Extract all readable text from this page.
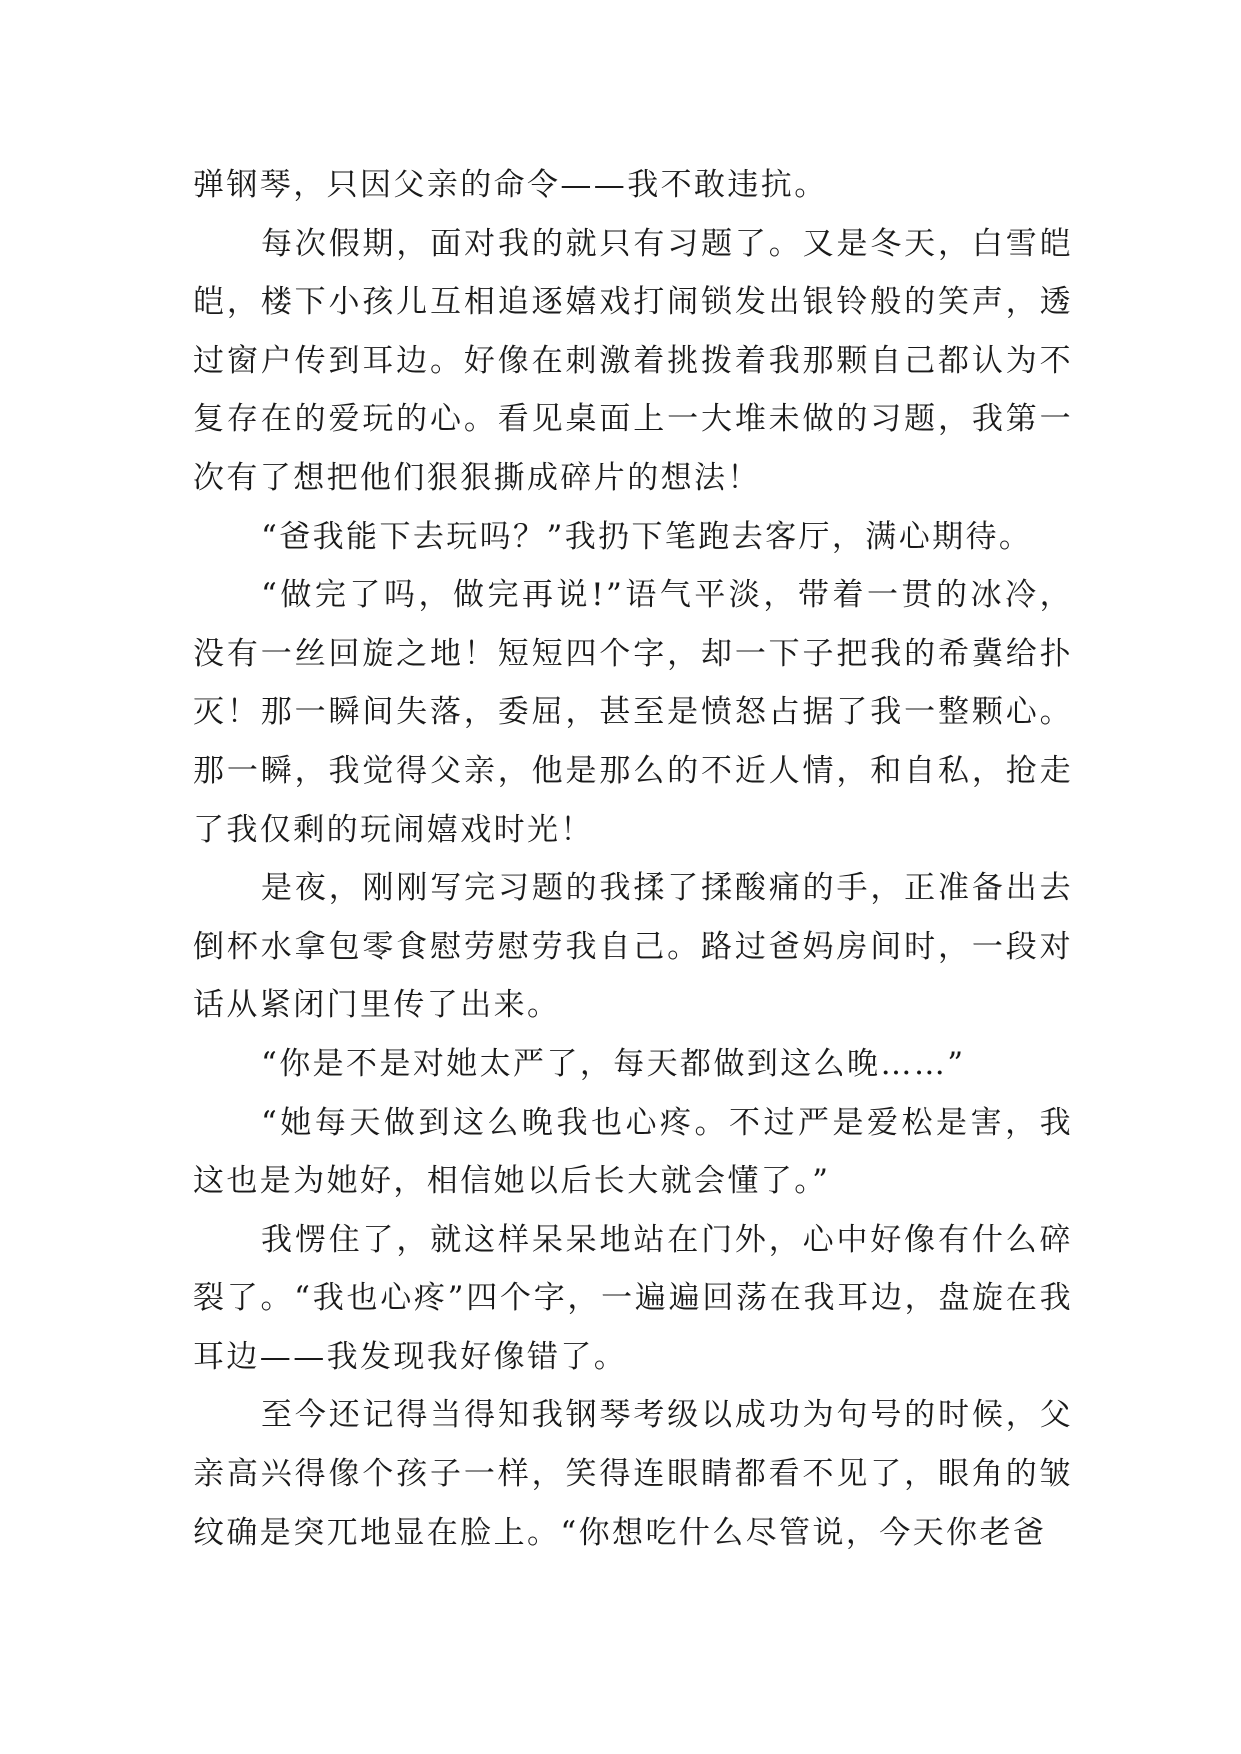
弹钢琴，只因父亲的命令——我不敢违抗。

每次假期，面对我的就只有习题了。又是冬天，白雪皑皑，楼下小孩儿互相追逐嬉戏打闹锁发出银铃般的笑声，透过窗户传到耳边。好像在刺激着挑拨着我那颗自己都认为不复存在的爱玩的心。看见桌面上一大堆未做的习题，我第一次有了想把他们狠狠撕成碎片的想法！

“爸我能下去玩吗？”我扔下笔跑去客厅，满心期待。

“做完了吗，做完再说!”语气平淡，带着一贯的冰冷，没有一丝回旋之地！短短四个字，却一下子把我的希冀给扑灭！那一瞬间失落，委屈，甚至是愤怒占据了我一整颗心。那一瞬，我觉得父亲，他是那么的不近人情，和自私，抢走了我仅剩的玩闹嬉戏时光！

是夜，刚刚写完习题的我揉了揉酸痛的手，正准备出去倒杯水拿包零食慰劳慰劳我自己。路过爸妈房间时，一段对话从紧闭门里传了出来。

“你是不是对她太严了，每天都做到这么晚……”

“她每天做到这么晚我也心疼。不过严是爱松是害，我这也是为她好，相信她以后长大就会懂了。”

我愣住了，就这样呆呆地站在门外，心中好像有什么碎裂了。“我也心疼”四个字，一遍遍回荡在我耳边，盘旋在我耳边——我发现我好像错了。

至今还记得当得知我钢琴考级以成功为句号的时候，父亲高兴得像个孩子一样，笑得连眼睛都看不见了，眼角的皱纹确是突兀地显在脸上。“你想吃什么尽管说，今天你老爸
